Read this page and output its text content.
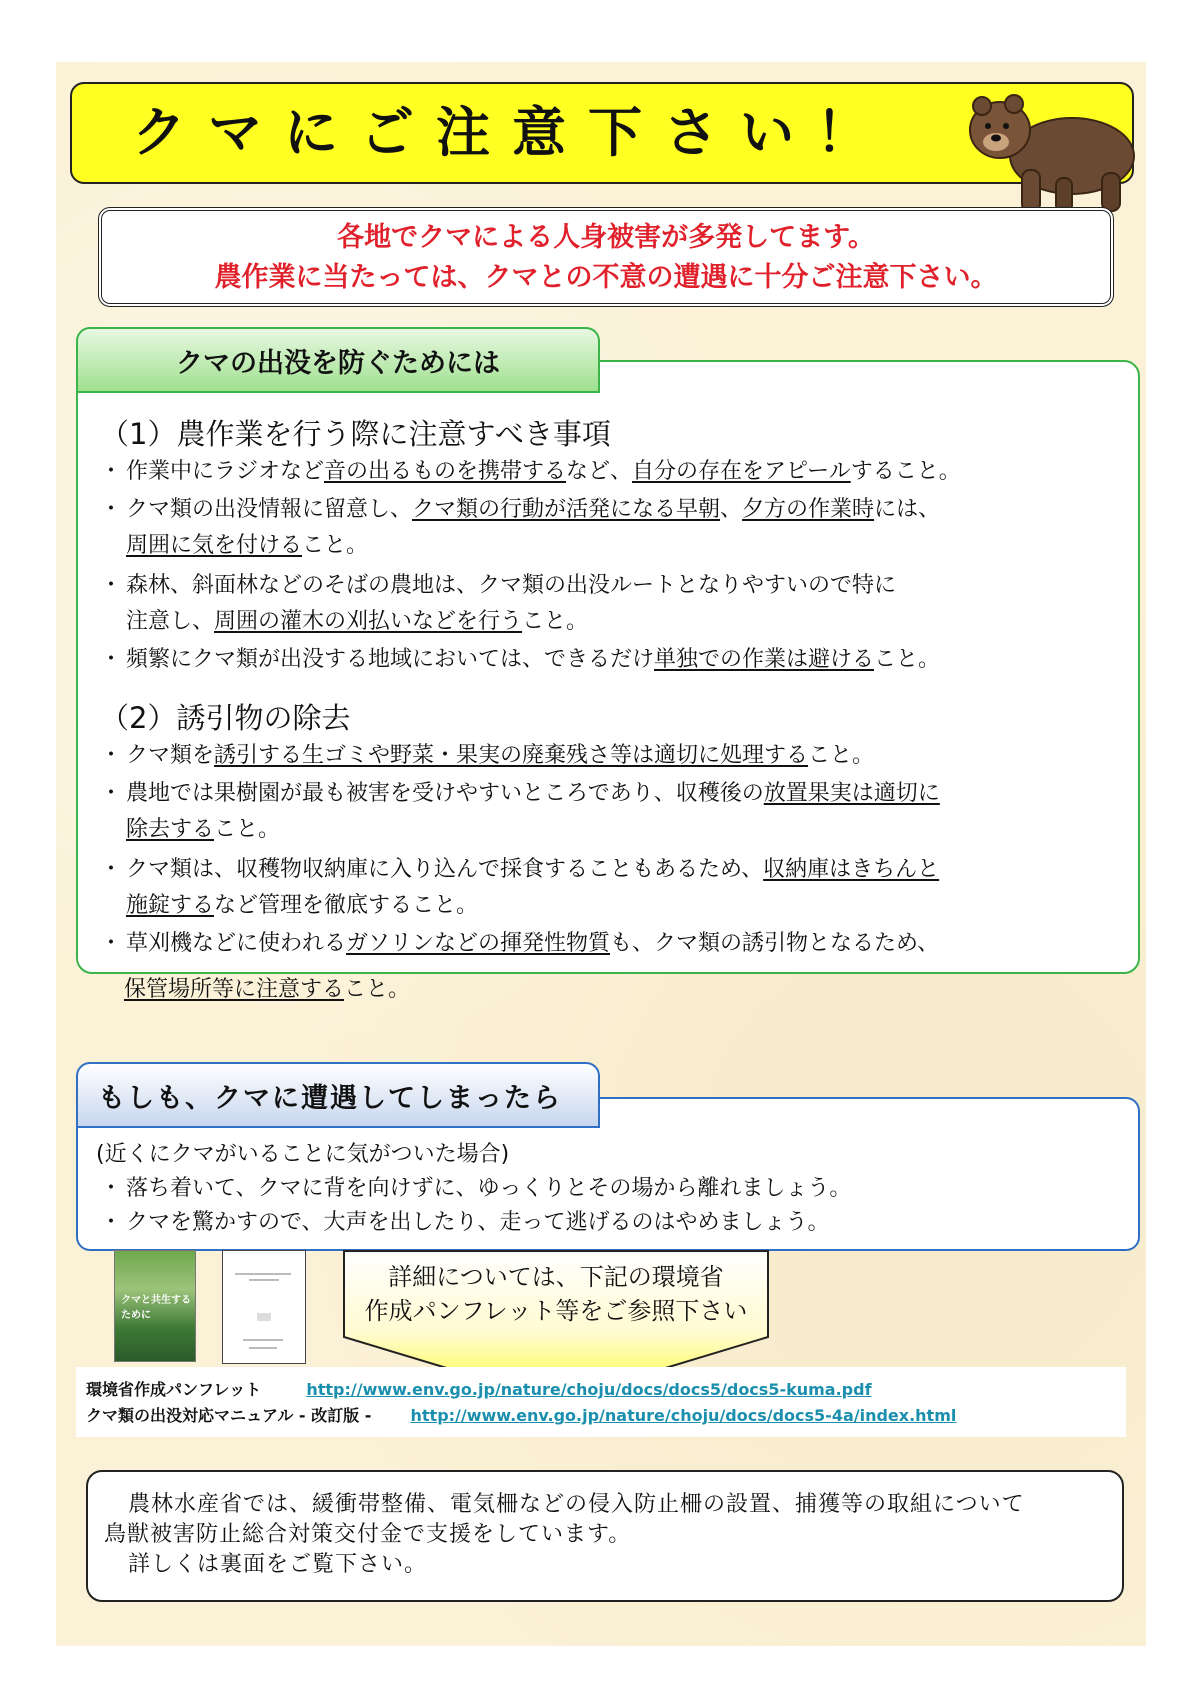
クマにご注意下さい！
各地でクマによる人身被害が多発してます。
農作業に当たっては、クマとの不意の遭遇に十分ご注意下さい。
（1）農作業を行う際に注意すべき事項
・ 作業中にラジオなど音の出るものを携帯するなど、自分の存在をアピールすること。
・ クマ類の出没情報に留意し、クマ類の行動が活発になる早朝、夕方の作業時には、
周囲に気を付けること。
・ 森林、斜面林などのそばの農地は、クマ類の出没ルートとなりやすいので特に
注意し、周囲の灌木の刈払いなどを行うこと。
・ 頻繁にクマ類が出没する地域においては、できるだけ単独での作業は避けること。
（2）誘引物の除去
・ クマ類を誘引する生ゴミや野菜・果実の廃棄残さ等は適切に処理すること。
・ 農地では果樹園が最も被害を受けやすいところであり、収穫後の放置果実は適切に
除去すること。
・ クマ類は、収穫物収納庫に入り込んで採食することもあるため、収納庫はきちんと
施錠するなど管理を徹底すること。
・ 草刈機などに使われるガソリンなどの揮発性物質も、クマ類の誘引物となるため、
保管場所等に注意すること。
クマの出没を防ぐためには
(近くにクマがいることに気がついた場合)
・ 落ち着いて、クマに背を向けずに、ゆっくりとその場から離れましょう。
・ クマを驚かすので、大声を出したり、走って逃げるのはやめましょう。
もしも、クマに遭遇してしまったら
クマと共生するために
詳細については、下記の環境省
作成パンフレット等をご参照下さい
環境省作成パンフレット	http://www.env.go.jp/nature/choju/docs/docs5/docs5-kuma.pdf
クマ類の出没対応マニュアル - 改訂版 - http://www.env.go.jp/nature/choju/docs/docs5-4a/index.html
農林水産省では、緩衝帯整備、電気柵などの侵入防止柵の設置、捕獲等の取組について
鳥獣被害防止総合対策交付金で支援をしています。
詳しくは裏面をご覧下さい。
